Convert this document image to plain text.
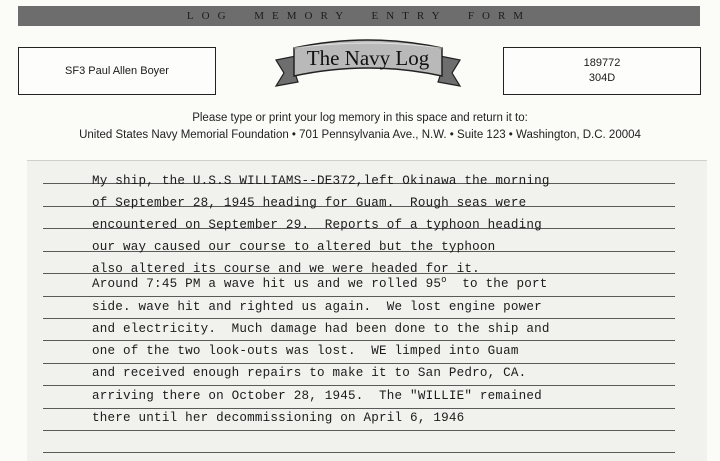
LOG MEMORY ENTRY FORM
SF3 Paul Allen Boyer
189772
304D
The Navy Log
Please type or print your log memory in this space and return it to:
United States Navy Memorial Foundation • 701 Pennsylvania Ave., N.W. • Suite 123 • Washington, D.C. 20004
My ship, the U.S.S WILLIAMS--DE372,left Okinawa the morning
of September 28, 1945 heading for Guam.  Rough seas were
encountered on September 29.  Reports of a typhoon heading
our way caused our course to altered but the typhoon
also altered its course and we were headed for it.
Around 7:45 PM a wave hit us and we rolled 95$^o$ to the port
side. wave hit and righted us again.  We lost engine power
and electricity.  Much damage had been done to the ship and
one of the two look-outs was lost.  WE limped into Guam
and received enough repairs to make it to San Pedro, CA.
arriving there on October 28, 1945.  The "WILLIE" remained
there until her decommissioning on April 6, 1946
